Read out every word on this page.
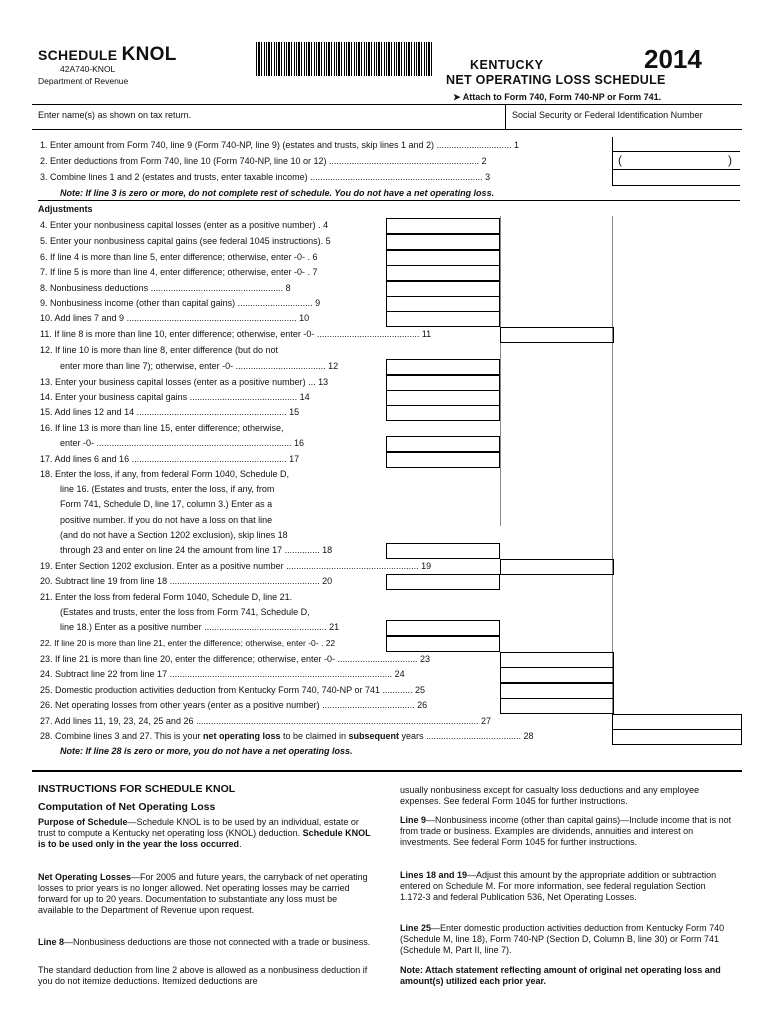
SCHEDULE KNOL
42A740-KNOL
Department of Revenue
KENTUCKY
NET OPERATING LOSS SCHEDULE
2014
➤ Attach to Form 740, Form 740-NP or Form 741.
Enter name(s) as shown on tax return.	Social Security or Federal Identification Number
(	)
1. Enter amount from Form 740, line 9 (Form 740-NP, line 9) (estates and trusts, skip lines 1 and 2) .............................. 1
2. Enter deductions from Form 740, line 10 (Form 740-NP, line 10 or 12) ............................................................ 2
3. Combine lines 1 and 2 (estates and trusts, enter taxable income) ..................................................................... 3
Note: If line 3 is zero or more, do not complete rest of schedule. You do not have a net operating loss.
Adjustments
4. Enter your nonbusiness capital losses (enter as a positive number) . 4
5. Enter your nonbusiness capital gains (see federal 1045 instructions). 5
6. If line 4 is more than line 5, enter difference; otherwise, enter -0- . 6
7. If line 5 is more than line 4, enter difference; otherwise, enter -0- . 7
8. Nonbusiness deductions ..................................................... 8
9. Nonbusiness income (other than capital gains) .............................. 9
10. Add lines 7 and 9 .................................................................... 10
11. If line 8 is more than line 10, enter difference; otherwise, enter -0- ......................................... 11
12. If line 10 is more than line 8, enter difference (but do not
enter more than line 7); otherwise, enter -0- .................................... 12
13. Enter your business capital losses (enter as a positive number) ... 13
14. Enter your business capital gains ........................................... 14
15. Add lines 12 and 14 ............................................................ 15
16. If line 13 is more than line 15, enter difference; otherwise,
enter -0- .............................................................................. 16
17. Add lines 6 and 16 .............................................................. 17
18. Enter the loss, if any, from federal Form 1040, Schedule D,
line 16. (Estates and trusts, enter the loss, if any, from
Form 741, Schedule D, line 17, column 3.) Enter as a
positive number. If you do not have a loss on that line
(and do not have a Section 1202 exclusion), skip lines 18
through 23 and enter on line 24 the amount from line 17 .............. 18
19. Enter Section 1202 exclusion. Enter as a positive number ..................................................... 19
20. Subtract line 19 from line 18 ............................................................ 20
21. Enter the loss from federal Form 1040, Schedule D, line 21.
(Estates and trusts, enter the loss from Form 741, Schedule D,
line 18.) Enter as a positive number ................................................. 21
22. If line 20 is more than line 21, enter the difference; otherwise, enter -0- . 22
23. If line 21 is more than line 20, enter the difference; otherwise, enter -0- ................................ 23
24. Subtract line 22 from line 17 ......................................................................................... 24
25. Domestic production activities deduction from Kentucky Form 740, 740-NP or 741 ............ 25
26. Net operating losses from other years (enter as a positive number) ..................................... 26
27. Add lines 11, 19, 23, 24, 25 and 26 ................................................................................................................. 27
28. Combine lines 3 and 27. This is your net operating loss to be claimed in subsequent years ...................................... 28
Note: If line 28 is zero or more, you do not have a net operating loss.
INSTRUCTIONS FOR SCHEDULE KNOL
Computation of Net Operating Loss
Purpose of Schedule—Schedule KNOL is to be used by an individual, estate or trust to compute a Kentucky net operating loss (KNOL) deduction. Schedule KNOL is to be used only in the year the loss occurred.
Net Operating Losses—For 2005 and future years, the carryback of net operating losses to prior years is no longer allowed. Net operating losses may be carried forward for up to 20 years. Documentation to substantiate any loss must be available to the Department of Revenue upon request.
Line 8—Nonbusiness deductions are those not connected with a trade or business.
The standard deduction from line 2 above is allowed as a nonbusiness deduction if you do not itemize deductions. Itemized deductions are
usually nonbusiness except for casualty loss deductions and any employee expenses. See federal Form 1045 for further instructions.
Line 9—Nonbusiness income (other than capital gains)—Include income that is not from trade or business. Examples are dividends, annuities and interest on investments. See federal Form 1045 for further instructions.
Lines 18 and 19—Adjust this amount by the appropriate addition or subtraction entered on Schedule M. For more information, see federal regulation Section 1.172-3 and federal Publication 536, Net Operating Losses.
Line 25—Enter domestic production activities deduction from Kentucky Form 740 (Schedule M, line 18), Form 740-NP (Section D, Column B, line 30) or Form 741 (Schedule M, Part II, line 7).
Note: Attach statement reflecting amount of original net operating loss and amount(s) utilized each prior year.
